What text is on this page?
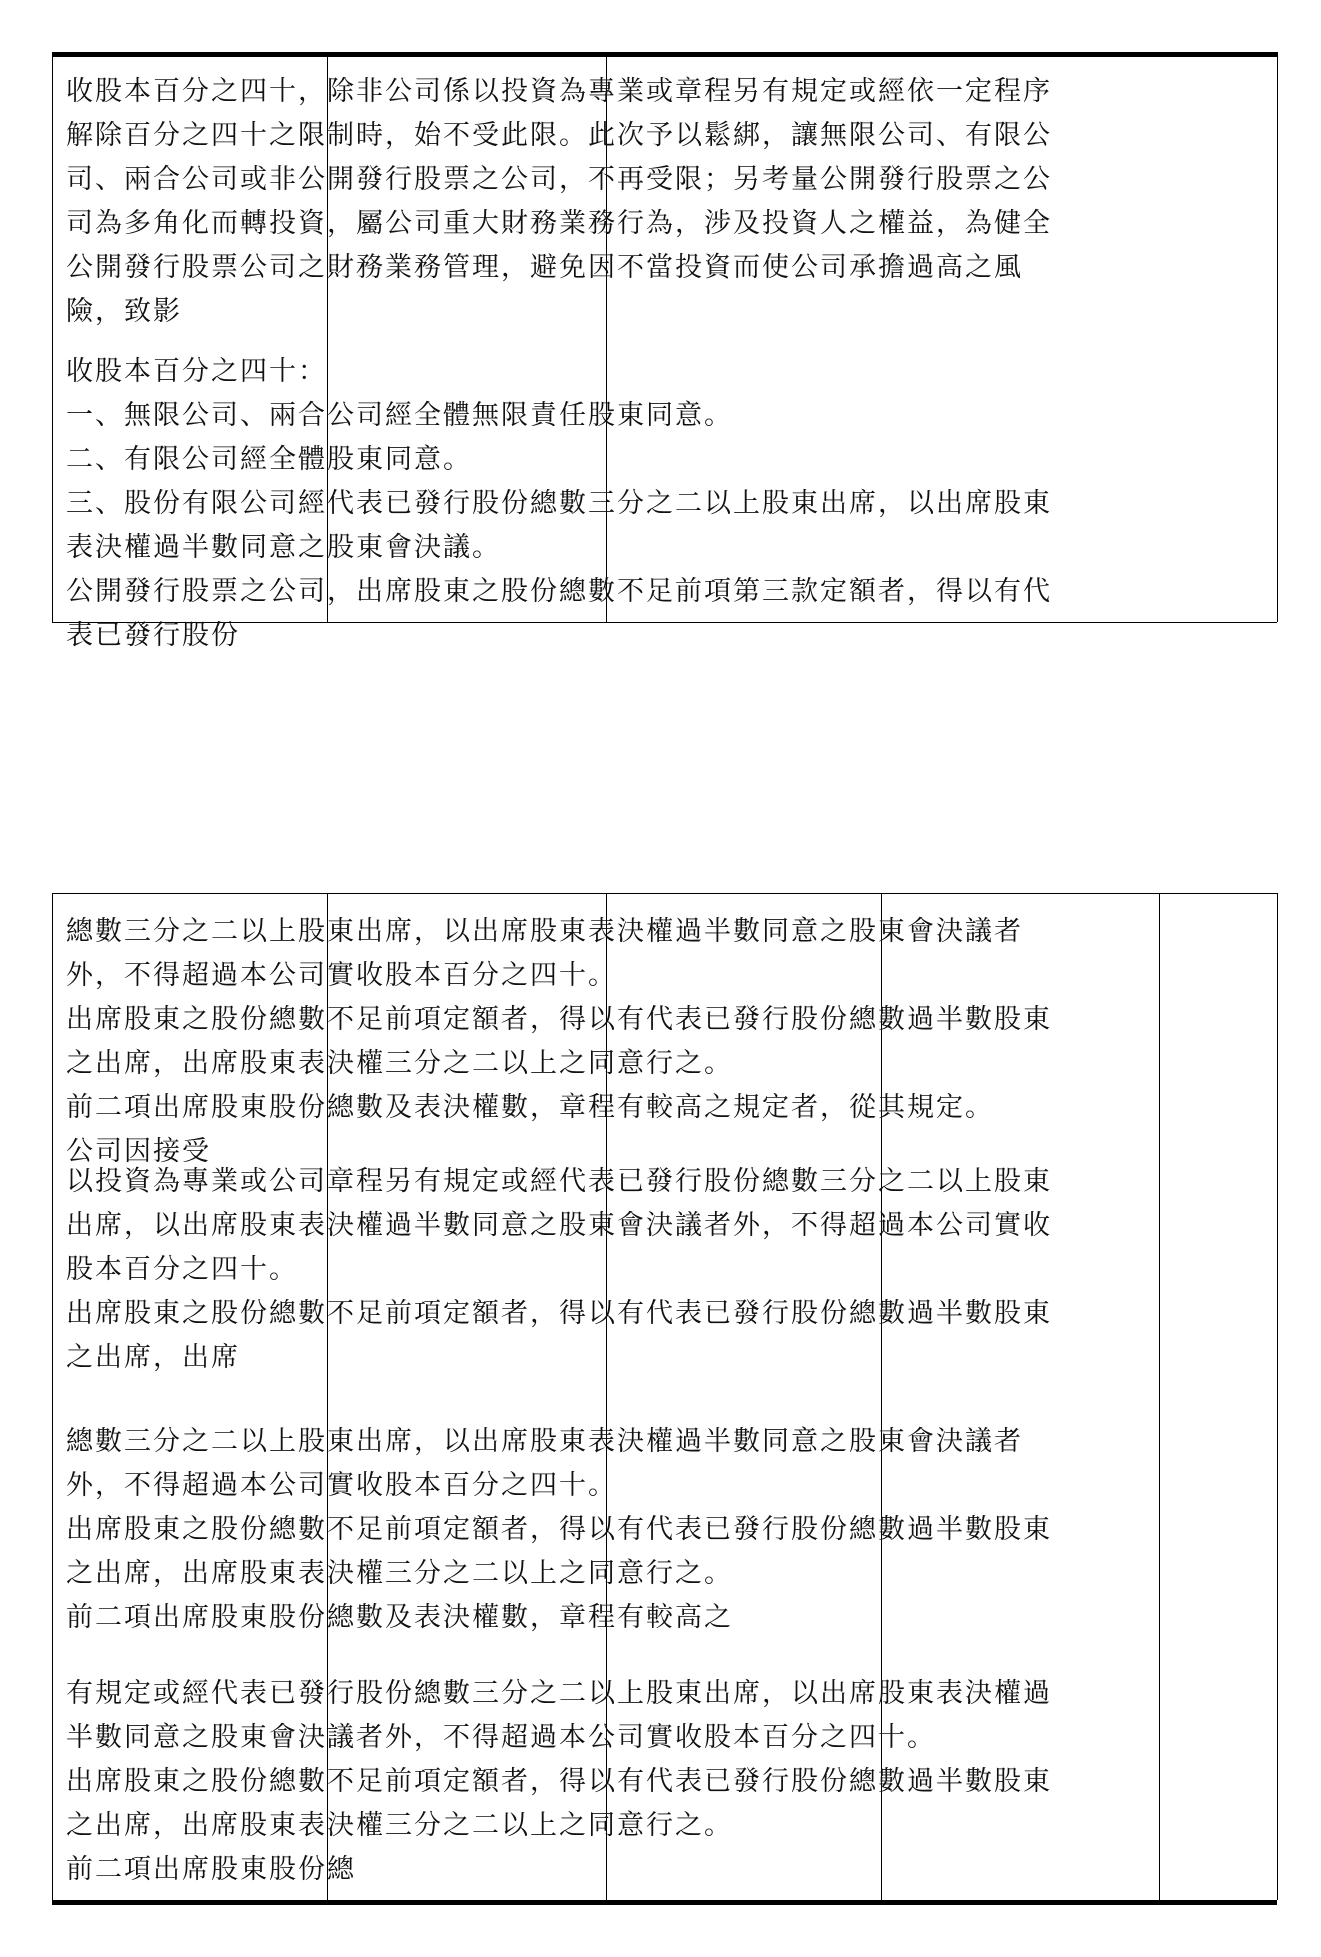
有規定或經代表已發行股份總數三分之二以上股東出席，以出席股東表決權過半數同意之股東會決議者外，不得超過本公司實收股本百分之四十。
出席股東之股份總數不足前項定額者，得以有代表已發行股份總數過半數股東之出席，出席股東表決權三分之二以上之同意行之。
前二項出席股東股份總
總數三分之二以上股東出席，以出席股東表決權過半數同意之股東會決議者外，不得超過本公司實收股本百分之四十。
出席股東之股份總數不足前項定額者，得以有代表已發行股份總數過半數股東之出席，出席股東表決權三分之二以上之同意行之。
前二項出席股東股份總數及表決權數，章程有較高之
以投資為專業或公司章程另有規定或經代表已發行股份總數三分之二以上股東出席，以出席股東表決權過半數同意之股東會決議者外，不得超過本公司實收股本百分之四十。
出席股東之股份總數不足前項定額者，得以有代表已發行股份總數過半數股東之出席，出席
總數三分之二以上股東出席，以出席股東表決權過半數同意之股東會決議者外，不得超過本公司實收股本百分之四十。
出席股東之股份總數不足前項定額者，得以有代表已發行股份總數過半數股東之出席，出席股東表決權三分之二以上之同意行之。
前二項出席股東股份總數及表決權數，章程有較高之規定者，從其規定。
公司因接受
收股本百分之四十：
一、無限公司、兩合公司經全體無限責任股東同意。
二、有限公司經全體股東同意。
三、股份有限公司經代表已發行股份總數三分之二以上股東出席，以出席股東表決權過半數同意之股東會決議。
公開發行股票之公司，出席股東之股份總數不足前項第三款定額者，得以有代表已發行股份
收股本百分之四十，除非公司係以投資為專業或章程另有規定或經依一定程序解除百分之四十之限制時，始不受此限。此次予以鬆綁，讓無限公司、有限公司、兩合公司或非公開發行股票之公司，不再受限；另考量公開發行股票之公司為多角化而轉投資，屬公司重大財務業務行為，涉及投資人之權益，為健全公開發行股票公司之財務業務管理，避免因不當投資而使公司承擔過高之風險，致影
